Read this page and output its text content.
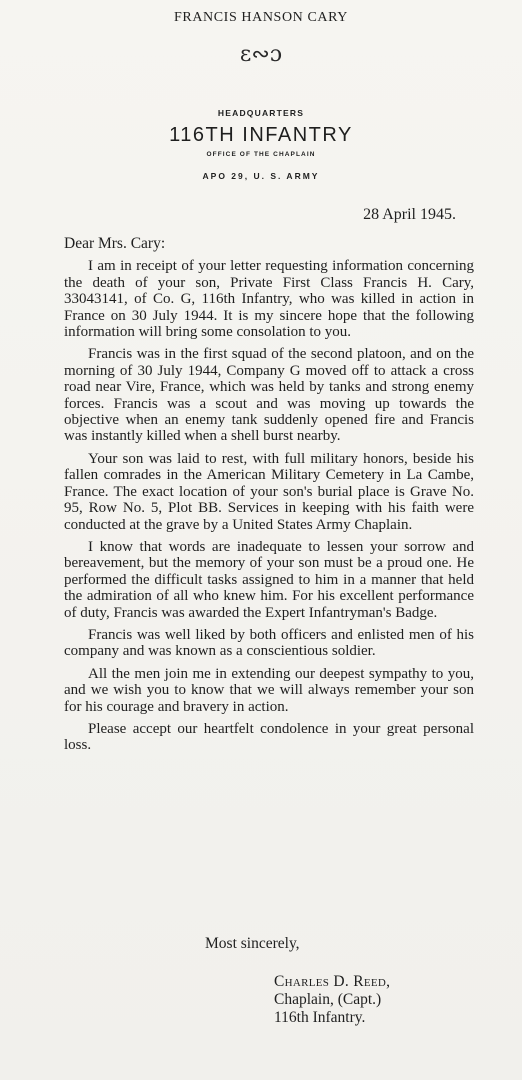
FRANCIS HANSON CARY
ɛ∾ɔ
HEADQUARTERS
116TH INFANTRY
OFFICE OF THE CHAPLAIN
APO 29, U. S. ARMY
28 April 1945.

Dear Mrs. Cary:

I am in receipt of your letter requesting information concerning the death of your son, Private First Class Francis H. Cary, 33043141, of Co. G, 116th Infantry, who was killed in action in France on 30 July 1944. It is my sincere hope that the following information will bring some consolation to you.

Francis was in the first squad of the second platoon, and on the morning of 30 July 1944, Company G moved off to attack a cross road near Vire, France, which was held by tanks and strong enemy forces. Francis was a scout and was moving up towards the objective when an enemy tank suddenly opened fire and Francis was instantly killed when a shell burst nearby.

Your son was laid to rest, with full military honors, beside his fallen comrades in the American Military Cemetery in La Cambe, France. The exact location of your son's burial place is Grave No. 95, Row No. 5, Plot BB. Services in keeping with his faith were conducted at the grave by a United States Army Chaplain.

I know that words are inadequate to lessen your sorrow and bereavement, but the memory of your son must be a proud one. He performed the difficult tasks assigned to him in a manner that held the admiration of all who knew him. For his excellent performance of duty, Francis was awarded the Expert Infantryman's Badge.

Francis was well liked by both officers and enlisted men of his company and was known as a conscientious soldier.

All the men join me in extending our deepest sympathy to you, and we wish you to know that we will always remember your son for his courage and bravery in action.

Please accept our heartfelt condolence in your great personal loss.

Most sincerely,
Charles D. Reed,
Chaplain, (Capt.)
116th Infantry.
